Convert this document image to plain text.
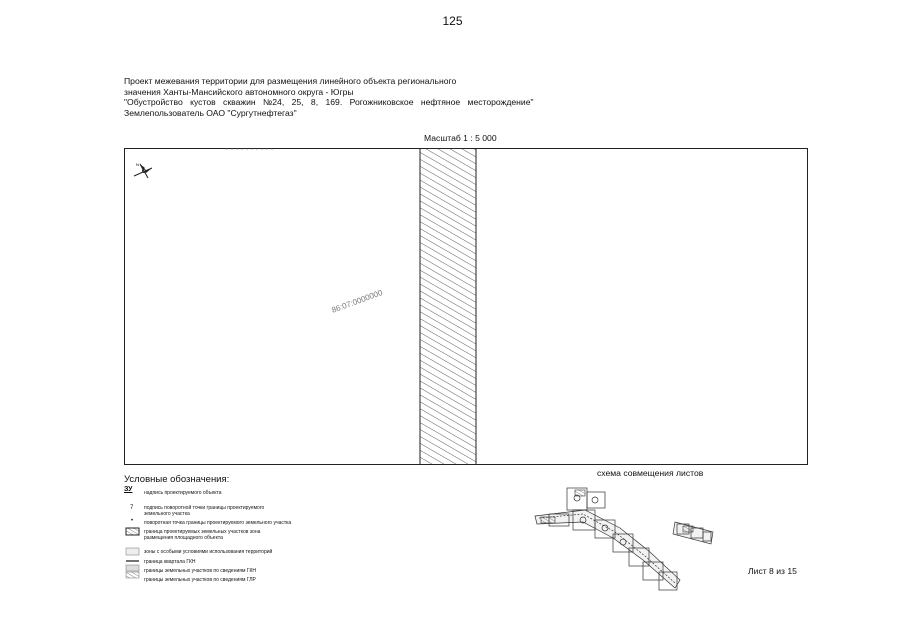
125
Проект межевания территории для размещения линейного объекта регионального
значения Ханты-Мансийского автономного округа - Югры
"Обустройство кустов скважин №24, 25, 8, 169. Рогожниковское нефтяное месторождение"
Землепользователь ОАО "Сургутнефтегаз"
Масштаб 1 : 5 000
N
86:07:0000000
Условные обозначения:
ЗУ	надпись проектируемого объекта
7 подпись поворотной точки границы проектируемого земельного участка
• поворотная точка границы проектируемого земельного участка
граница проектируемых земельных участков зона размещения площадного объекта
зоны с особыми условиями использования территорий
граница квартала ГКН
границы земельных участков по сведениям ГКН
границы земельных участков по сведениям ГЛР
схема совмещения листов
Лист 8 из 15
